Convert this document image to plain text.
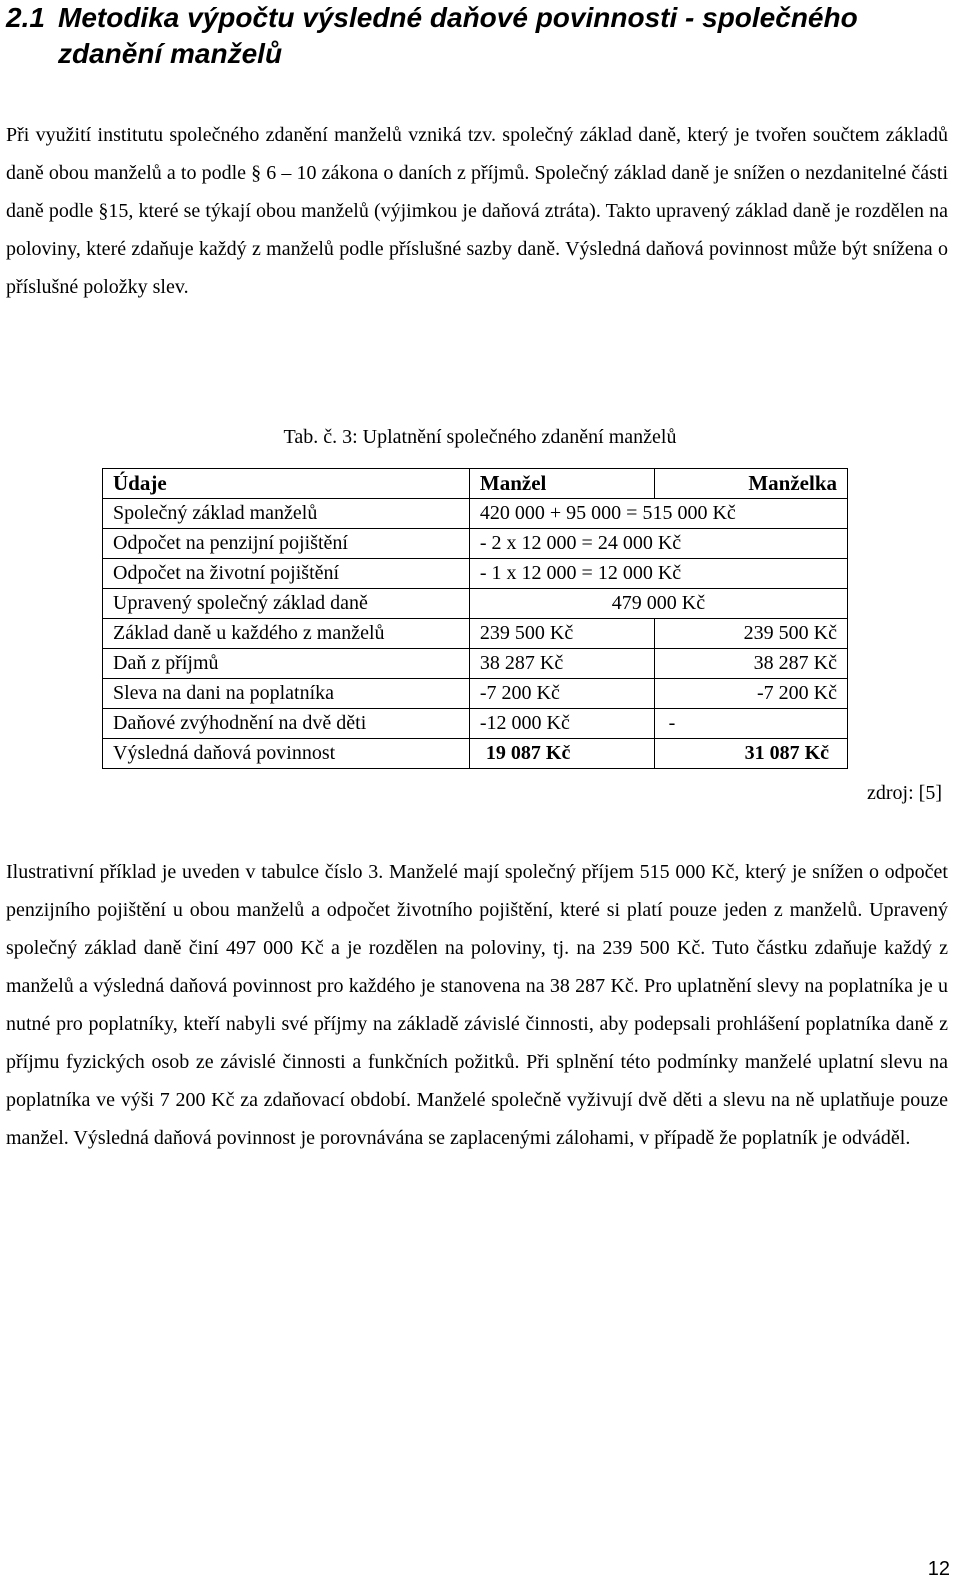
2.1 Metodika výpočtu výsledné daňové povinnosti - společného
zdanění manželů

Při využití institutu společného zdanění manželů vzniká tzv. společný základ daně, který je tvořen součtem základů daně obou manželů a to podle § 6 – 10 zákona o daních z příjmů. Společný základ daně je snížen o nezdanitelné části daně podle §15, které se týkají obou manželů (výjimkou je daňová ztráta). Takto upravený základ daně je rozdělen na poloviny, které zdaňuje každý z manželů podle příslušné sazby daně. Výsledná daňová povinnost může být snížena o příslušné položky slev.

Tab. č. 3: Uplatnění společného zdanění manželů

Údaje	Manžel	Manželka
Společný základ manželů	420 000 + 95 000 = 515 000 Kč	
Odpočet na penzijní pojištění	- 2 x 12 000 = 24 000 Kč	
Odpočet na životní pojištění	- 1 x 12 000 = 12 000 Kč	
Upravený společný základ daně	479 000 Kč	
Základ daně u každého z manželů	239 500 Kč	239 500 Kč
Daň z příjmů	38 287 Kč	38 287 Kč
Sleva na dani na poplatníka	-7 200 Kč	-7 200 Kč
Daňové zvýhodnění na dvě děti	-12 000 Kč	-
Výsledná daňová povinnost	19 087 Kč	31 087 Kč

zdroj: [5]

Ilustrativní příklad je uveden v tabulce číslo 3. Manželé mají společný příjem 515 000 Kč, který je snížen o odpočet penzijního pojištění u obou manželů a odpočet životního pojištění, které si platí pouze jeden z manželů. Upravený společný základ daně činí 497 000 Kč a je rozdělen na poloviny, tj. na 239 500 Kč. Tuto částku zdaňuje každý z manželů a výsledná daňová povinnost pro každého je stanovena na 38 287 Kč. Pro uplatnění slevy na poplatníka je u nutné pro poplatníky, kteří nabyli své příjmy na základě závislé činnosti, aby podepsali prohlášení poplatníka daně z příjmu fyzických osob ze závislé činnosti a funkčních požitků. Při splnění této podmínky manželé uplatní slevu na poplatníka ve výši 7 200 Kč za zdaňovací období. Manželé společně vyživují dvě děti a slevu na ně uplatňuje pouze manžel. Výsledná daňová povinnost je porovnávána se zaplacenými zálohami, v případě že poplatník je odváděl.

12
